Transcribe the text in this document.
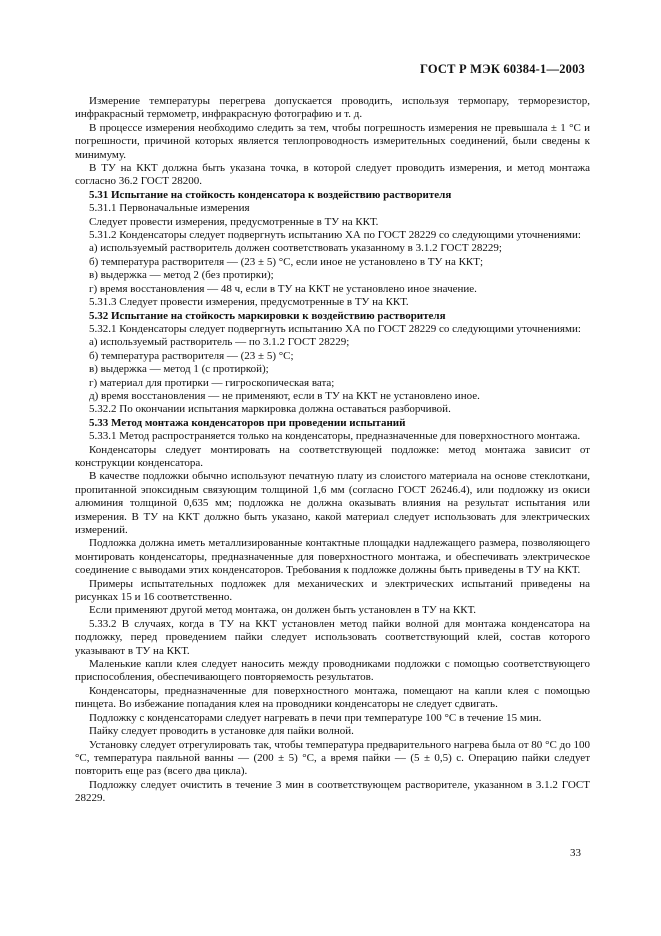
ГОСТ Р МЭК 60384-1—2003

Измерение температуры перегрева допускается проводить, используя термопару, терморезистор, инфракрасный термометр, инфракрасную фотографию и т. д.

В процессе измерения необходимо следить за тем, чтобы погрешность измерения не превышала ± 1 °С и погрешности, причиной которых является теплопроводность измерительных соединений, были сведены к минимуму.

В ТУ на ККТ должна быть указана точка, в которой следует проводить измерения, и метод монтажа согласно 36.2 ГОСТ 28200.

5.31 Испытание на стойкость конденсатора к воздействию растворителя

5.31.1 Первоначальные измерения

Следует провести измерения, предусмотренные в ТУ на ККТ.

5.31.2 Конденсаторы следует подвергнуть испытанию ХА по ГОСТ 28229 со следующими уточнениями:

а) используемый растворитель должен соответствовать указанному в 3.1.2 ГОСТ 28229;

б) температура растворителя — (23 ± 5) °С, если иное не установлено в ТУ на ККТ;

в) выдержка — метод 2 (без протирки);

г) время восстановления — 48 ч, если в ТУ на ККТ не установлено иное значение.

5.31.3 Следует провести измерения, предусмотренные в ТУ на ККТ.

5.32 Испытание на стойкость маркировки к воздействию растворителя

5.32.1 Конденсаторы следует подвергнуть испытанию ХА по ГОСТ 28229 со следующими уточнениями:

а) используемый растворитель — по 3.1.2 ГОСТ 28229;

б) температура растворителя — (23 ± 5) °С;

в) выдержка — метод 1 (с протиркой);

г) материал для протирки — гигроскопическая вата;

д) время восстановления — не применяют, если в ТУ на ККТ не установлено иное.

5.32.2 По окончании испытания маркировка должна оставаться разборчивой.

5.33 Метод монтажа конденсаторов при проведении испытаний

5.33.1 Метод распространяется только на конденсаторы, предназначенные для поверхностного монтажа.

Конденсаторы следует монтировать на соответствующей подложке: метод монтажа зависит от конструкции конденсатора.

В качестве подложки обычно используют печатную плату из слоистого материала на основе стеклоткани, пропитанной эпоксидным связующим толщиной 1,6 мм (согласно ГОСТ 26246.4), или подложку из окиси алюминия толщиной 0,635 мм; подложка не должна оказывать влияния на результат испытания или измерения. В ТУ на ККТ должно быть указано, какой материал следует использовать для электрических измерений.

Подложка должна иметь металлизированные контактные площадки надлежащего размера, позволяющего монтировать конденсаторы, предназначенные для поверхностного монтажа, и обеспечивать электрическое соединение с выводами этих конденсаторов. Требования к подложке должны быть приведены в ТУ на ККТ.

Примеры испытательных подложек для механических и электрических испытаний приведены на рисунках 15 и 16 соответственно.

Если применяют другой метод монтажа, он должен быть установлен в ТУ на ККТ.

5.33.2 В случаях, когда в ТУ на ККТ установлен метод пайки волной для монтажа конденсатора на подложку, перед проведением пайки следует использовать соответствующий клей, состав которого указывают в ТУ на ККТ.

Маленькие капли клея следует наносить между проводниками подложки с помощью соответствующего приспособления, обеспечивающего повторяемость результатов.

Конденсаторы, предназначенные для поверхностного монтажа, помещают на капли клея с помощью пинцета. Во избежание попадания клея на проводники конденсаторы не следует сдвигать.

Подложку с конденсаторами следует нагревать в печи при температуре 100 °С в течение 15 мин.

Пайку следует проводить в установке для пайки волной.

Установку следует отрегулировать так, чтобы температура предварительного нагрева была от 80 °С до 100 °С, температура паяльной ванны — (200 ± 5) °С, а время пайки — (5 ± 0,5) с. Операцию пайки следует повторить еще раз (всего два цикла).

Подложку следует очистить в течение 3 мин в соответствующем растворителе, указанном в 3.1.2 ГОСТ 28229.

33
